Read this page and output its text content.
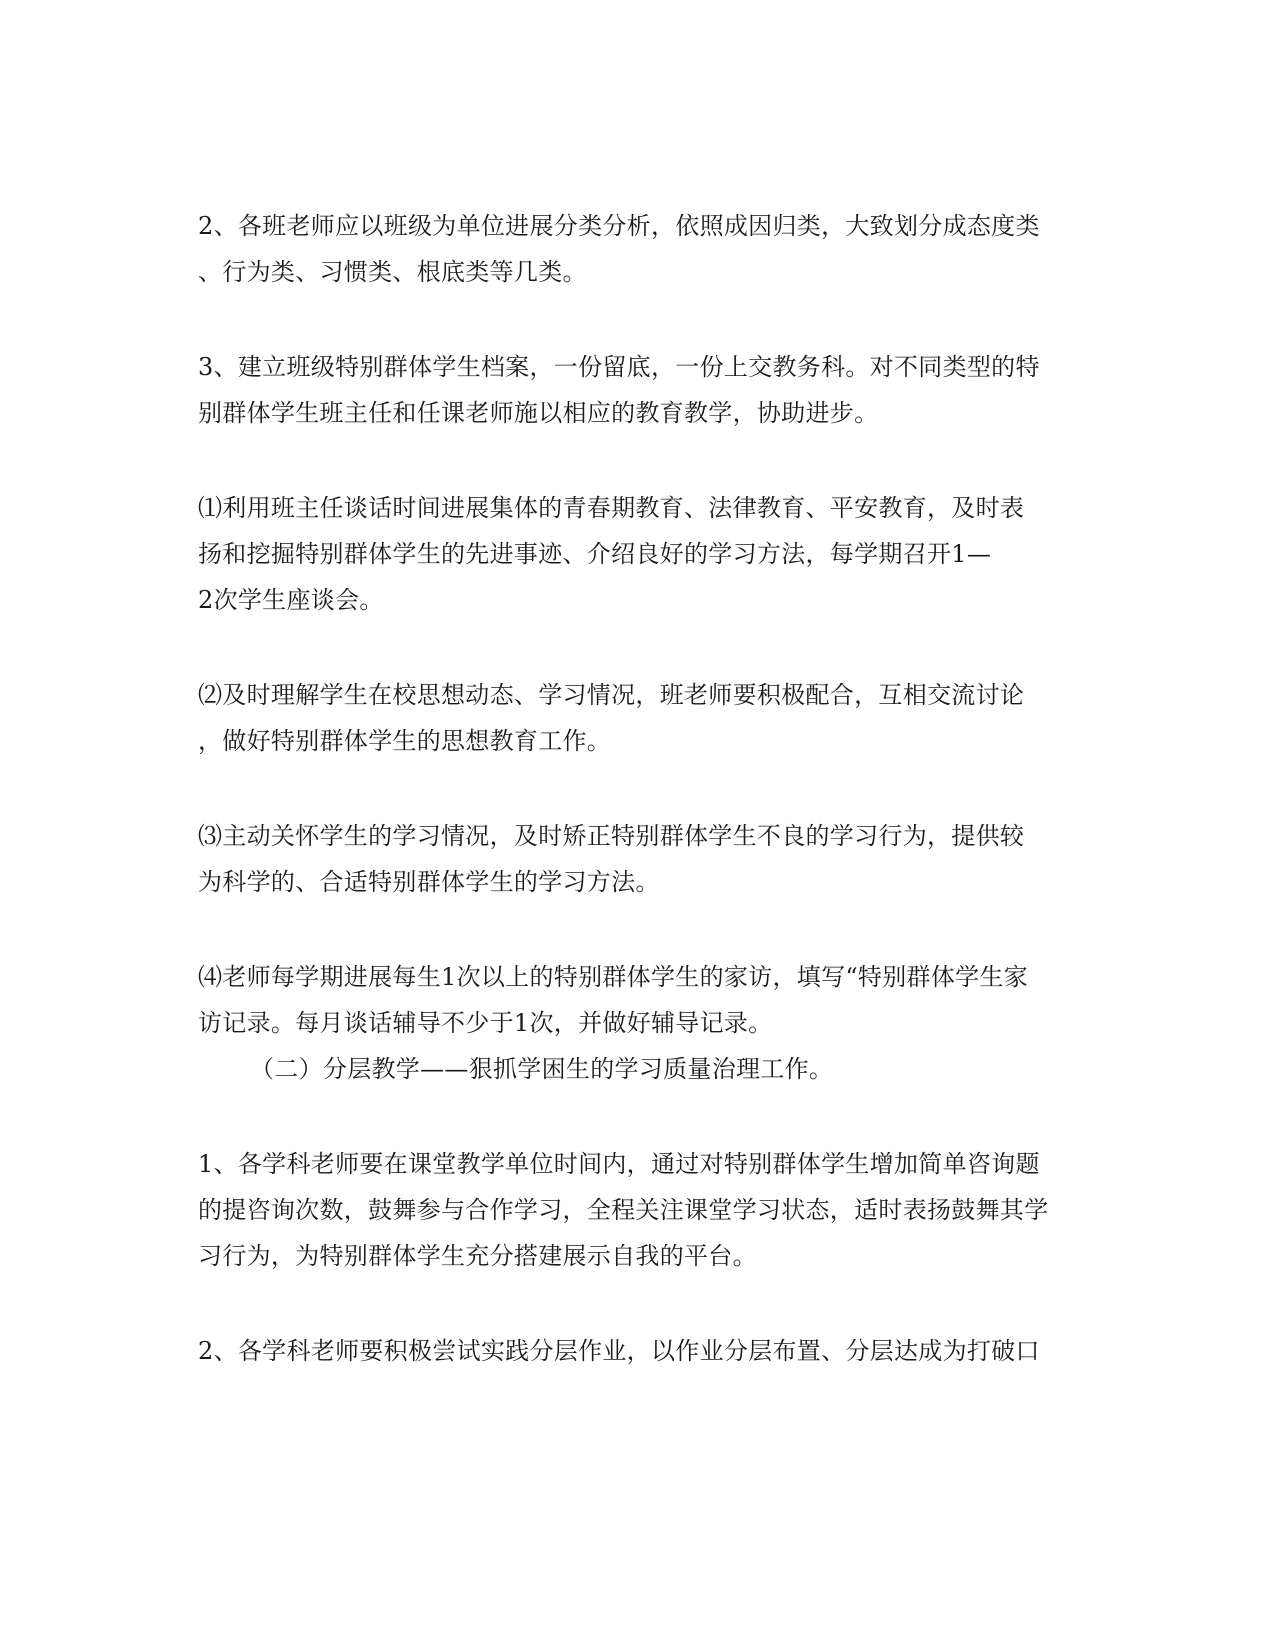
2、各班老师应以班级为单位进展分类分析，依照成因归类，大致划分成态度类

、行为类、习惯类、根底类等几类。

3、建立班级特别群体学生档案，一份留底，一份上交教务科。对不同类型的特

别群体学生班主任和任课老师施以相应的教育教学，协助进步。

⑴利用班主任谈话时间进展集体的青春期教育、法律教育、平安教育，及时表

扬和挖掘特别群体学生的先进事迹、介绍良好的学习方法，每学期召开1—

2次学生座谈会。

⑵及时理解学生在校思想动态、学习情况，班老师要积极配合，互相交流讨论

，做好特别群体学生的思想教育工作。

⑶主动关怀学生的学习情况，及时矫正特别群体学生不良的学习行为，提供较

为科学的、合适特别群体学生的学习方法。

⑷老师每学期进展每生1次以上的特别群体学生的家访，填写“特别群体学生家

访记录。每月谈话辅导不少于1次，并做好辅导记录。

（二）分层教学——狠抓学困生的学习质量治理工作。

1、各学科老师要在课堂教学单位时间内，通过对特别群体学生增加简单咨询题

的提咨询次数，鼓舞参与合作学习，全程关注课堂学习状态，适时表扬鼓舞其学

习行为，为特别群体学生充分搭建展示自我的平台。

2、各学科老师要积极尝试实践分层作业，以作业分层布置、分层达成为打破口
